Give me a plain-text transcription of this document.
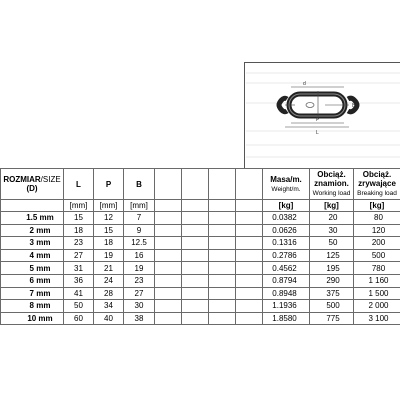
d
L
P
B
ROZMIAR/SIZE
(D)	L	P	B					Masa/m.
Weight/m.	Obciąż.
znamion.
Working load	Obciąż.
zrywające
Breaking load
	[mm]	[mm]	[mm]					[kg]	[kg]	[kg]
1.5 mm	15	12	7					0.0382	20	80
2 mm	18	15	9					0.0626	30	120
3 mm	23	18	12.5					0.1316	50	200
4 mm	27	19	16					0.2786	125	500
5 mm	31	21	19					0.4562	195	780
6 mm	36	24	23					0.8794	290	1 160
7 mm	41	28	27					0.8948	375	1 500
8 mm	50	34	30					1.1936	500	2 000
10 mm	60	40	38					1.8580	775	3 100
